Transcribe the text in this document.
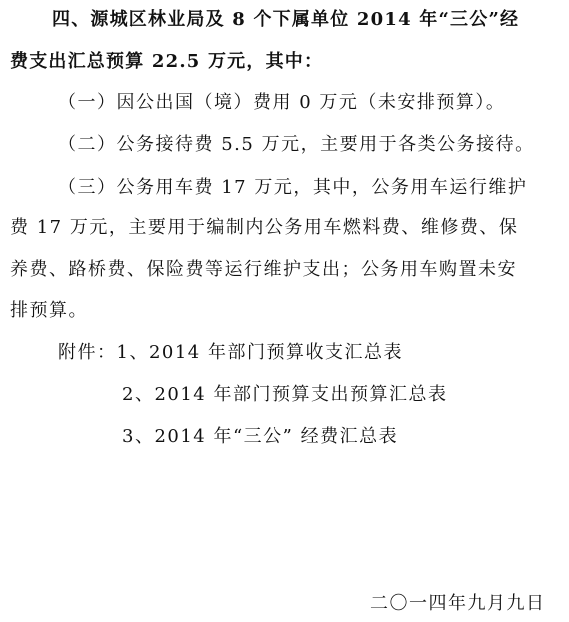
四、源城区林业局及 8 个下属单位 2014 年“三公”经
费支出汇总预算 22.5 万元，其中：
（一）因公出国（境）费用 0 万元（未安排预算）。
（二）公务接待费 5.5 万元，主要用于各类公务接待。
（三）公务用车费 17 万元，其中，公务用车运行维护
费 17 万元，主要用于编制内公务用车燃料费、维修费、保
养费、路桥费、保险费等运行维护支出；公务用车购置未安
排预算。
附件：1、2014 年部门预算收支汇总表
2、2014 年部门预算支出预算汇总表
3、2014 年“三公” 经费汇总表
二〇一四年九月九日
